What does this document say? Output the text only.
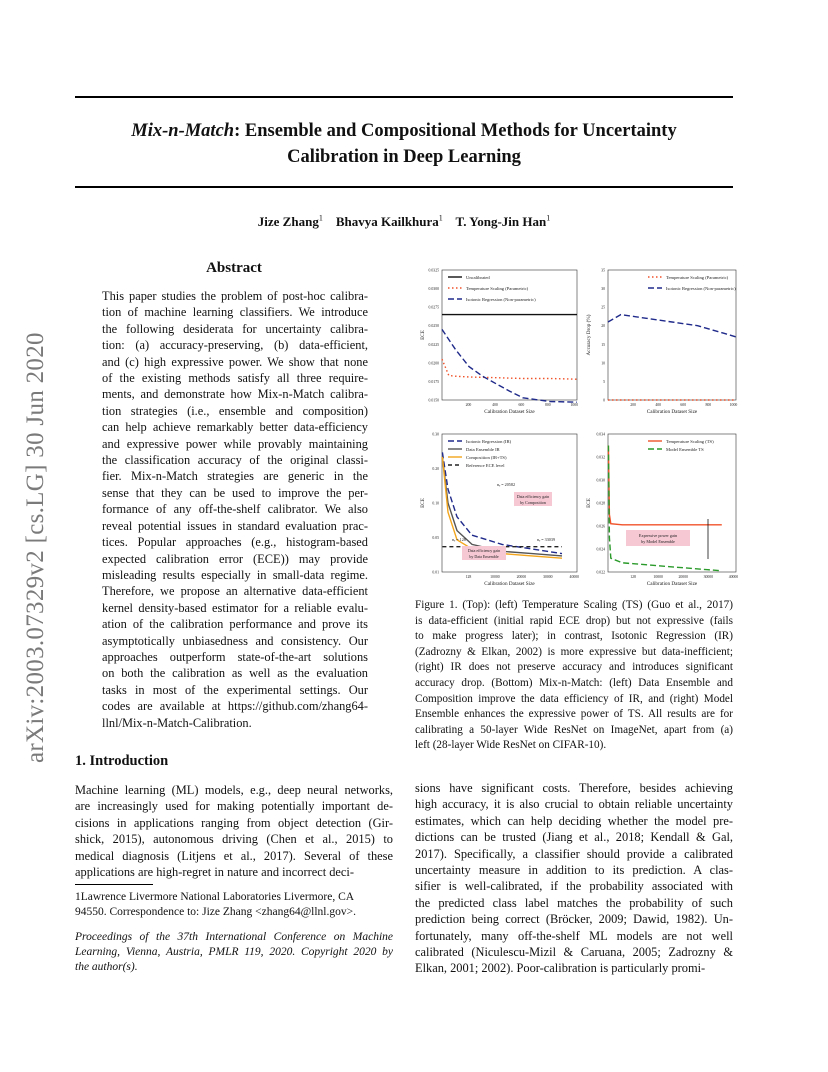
Mix-n-Match: Ensemble and Compositional Methods for Uncertainty
Calibration in Deep Learning
Jize Zhang$^1$ Bhavya Kailkhura$^1$ T. Yong-Jin Han$^1$
arXiv:2003.07329v2 [cs.LG] 30 Jun 2020
Abstract
This paper studies the problem of post-hoc calibra-
tion of machine learning classifiers. We introduce
the following desiderata for uncertainty calibra-
tion: (a) accuracy-preserving, (b) data-efficient,
and (c) high expressive power. We show that none
of the existing methods satisfy all three require-
ments, and demonstrate how Mix-n-Match calibra-
tion strategies (i.e., ensemble and composition)
can help achieve remarkably better data-efficiency
and expressive power while provably maintaining
the classification accuracy of the original classi-
fier. Mix-n-Match strategies are generic in the
sense that they can be used to improve the per-
formance of any off-the-shelf calibrator. We also
reveal potential issues in standard evaluation prac-
tices. Popular approaches (e.g., histogram-based
expected calibration error (ECE)) may provide
misleading results especially in small-data regime.
Therefore, we propose an alternative data-efficient
kernel density-based estimator for a reliable evalu-
ation of the calibration performance and prove its
asymptotically unbiasedness and consistency. Our
approaches outperform state-of-the-art solutions
on both the calibration as well as the evaluation
tasks in most of the experimental settings. Our
codes are available at https://github.com/zhang64-
llnl/Mix-n-Match-Calibration.
1. Introduction
Machine learning (ML) models, e.g., deep neural networks,
are increasingly used for making potentially important de-
cisions in applications ranging from object detection (Gir-
shick, 2015), autonomous driving (Chen et al., 2015) to
medical diagnosis (Litjens et al., 2017). Several of these
applications are high-regret in nature and incorrect deci-
1Lawrence Livermore National Laboratories Livermore, CA
94550. Correspondence to: Jize Zhang <zhang64@llnl.gov>.
Proceedings of the 37th International Conference on Machine
Learning, Vienna, Austria, PMLR 119, 2020. Copyright 2020 by
the author(s).
sions have significant costs. Therefore, besides achieving
high accuracy, it is also crucial to obtain reliable uncertainty
estimates, which can help deciding whether the model pre-
dictions can be trusted (Jiang et al., 2018; Kendall & Gal,
2017). Specifically, a classifier should provide a calibrated
uncertainty measure in addition to its prediction. A clas-
sifier is well-calibrated, if the probability associated with
the predicted class label matches the probability of such
prediction being correct (Bröcker, 2009; Dawid, 1982). Un-
fortunately, many off-the-shelf ML models are not well
calibrated (Niculescu-Mizil & Caruana, 2005; Zadrozny &
Elkan, 2001; 2002). Poor-calibration is particularly promi-
0.0150
0.0175
0.0200
0.0225
0.0250
0.0275
0.0300
0.0325
200	400	600	800	1000
Calibration Dataset Size
ECE
Uncalibrated
Temperature Scaling (Parametric)
Isotonic Regression (Non-parametric)
0
5
10
15
20
25
30
35
200	400	600	800	1000
Calibration Dataset Size
Accuracy Drop (%)
Temperature Scaling (Parametric)
Isotonic Regression (Non-parametric)
0.01
0.05
0.10
0.20
0.30
128	10000	20000	30000	40000
Calibration Dataset Size
ECE
Isotonic Regression (IR)
Data Ensemble IR
Composition (IR+TS)
Reference ECE level
nₑ = 20582
nₑ = 128	nₑ = 33039
Data efficiency gain
by Composition
Data efficiency gain
by Data Ensemble
0.022
0.024
0.026
0.028
0.030
0.032
0.034
128	10000	20000	30000	40000
Calibration Dataset Size
ECE
Temperature Scaling (TS)
Model Ensemble TS
Expressive power gain
by Model Ensemble
Figure 1. (Top): (left) Temperature Scaling (TS) (Guo et al., 2017)
is data-efficient (initial rapid ECE drop) but not expressive (fails
to make progress later); in contrast, Isotonic Regression (IR)
(Zadrozny & Elkan, 2002) is more expressive but data-inefficient;
(right) IR does not preserve accuracy and introduces significant
accuracy drop. (Bottom) Mix-n-Match: (left) Data Ensemble and
Composition improve the data efficiency of IR, and (right) Model
Ensemble enhances the expressive power of TS. All results are for
calibrating a 50-layer Wide ResNet on ImageNet, apart from (a)
left (28-layer Wide ResNet on CIFAR-10).
